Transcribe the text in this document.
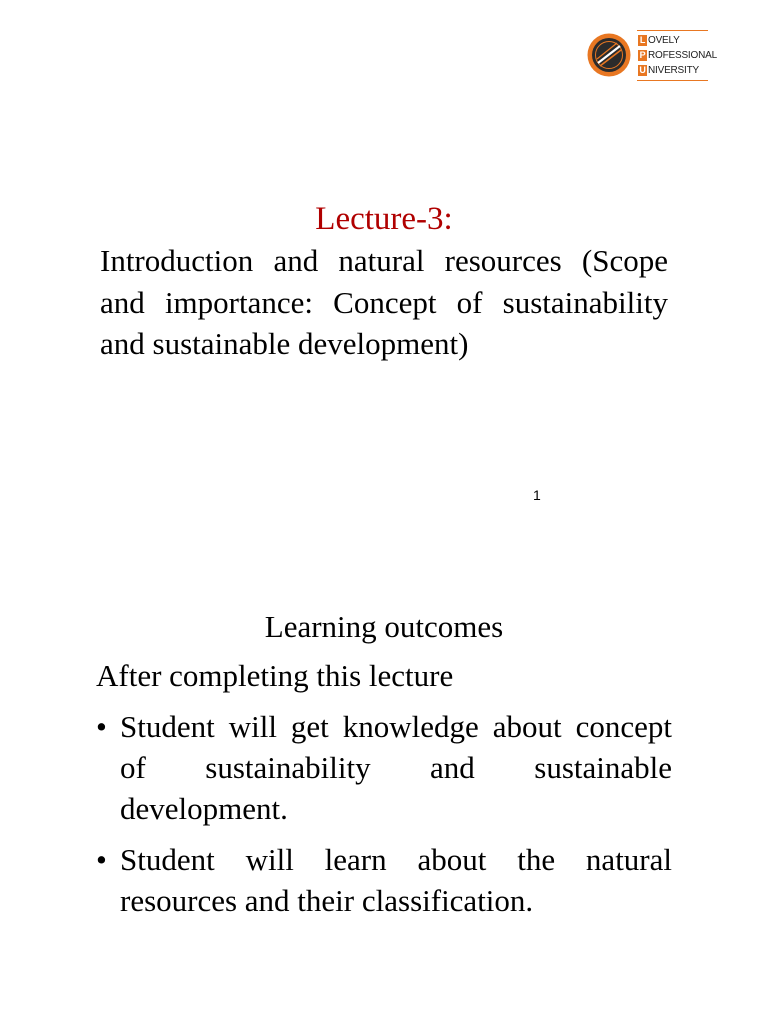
L OVELY
P ROFESSIONAL
U NIVERSITY
Lecture-3:

Introduction and natural resources (Scope and importance: Concept of sustainability and sustainable development)

1
Learning outcomes
After completing this lecture
• Student will get knowledge about concept of sustainability and sustainable development.
• Student will learn about the natural resources and their classification.
